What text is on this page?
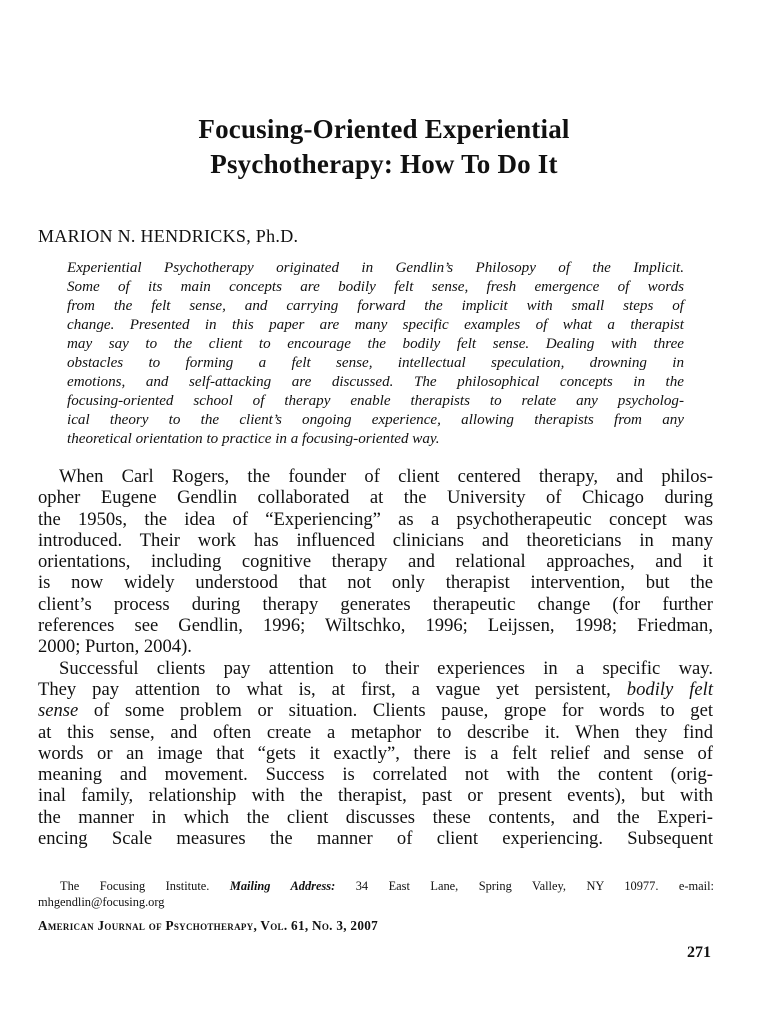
Focusing-Oriented Experiential
Psychotherapy: How To Do It
MARION N. HENDRICKS, Ph.D.
Experiential Psychotherapy originated in Gendlin’s Philosopy of the Implicit.
Some of its main concepts are bodily felt sense, fresh emergence of words
from the felt sense, and carrying forward the implicit with small steps of
change. Presented in this paper are many specific examples of what a therapist
may say to the client to encourage the bodily felt sense. Dealing with three
obstacles to forming a felt sense, intellectual speculation, drowning in
emotions, and self-attacking are discussed. The philosophical concepts in the
focusing-oriented school of therapy enable therapists to relate any psycholog-
ical theory to the client’s ongoing experience, allowing therapists from any
theoretical orientation to practice in a focusing-oriented way.
When Carl Rogers, the founder of client centered therapy, and philos-
opher Eugene Gendlin collaborated at the University of Chicago during
the 1950s, the idea of “Experiencing” as a psychotherapeutic concept was
introduced. Their work has influenced clinicians and theoreticians in many
orientations, including cognitive therapy and relational approaches, and it
is now widely understood that not only therapist intervention, but the
client’s process during therapy generates therapeutic change (for further
references see Gendlin, 1996; Wiltschko, 1996; Leijssen, 1998; Friedman,
2000; Purton, 2004).
Successful clients pay attention to their experiences in a specific way.
They pay attention to what is, at first, a vague yet persistent, bodily felt
sense of some problem or situation. Clients pause, grope for words to get
at this sense, and often create a metaphor to describe it. When they find
words or an image that “gets it exactly”, there is a felt relief and sense of
meaning and movement. Success is correlated not with the content (orig-
inal family, relationship with the therapist, past or present events), but with
the manner in which the client discusses these contents, and the Experi-
encing Scale measures the manner of client experiencing. Subsequent
The Focusing Institute. Mailing Address: 34 East Lane, Spring Valley, NY 10977. e-mail:
mhgendlin@focusing.org
American Journal of Psychotherapy, Vol. 61, No. 3, 2007
271
